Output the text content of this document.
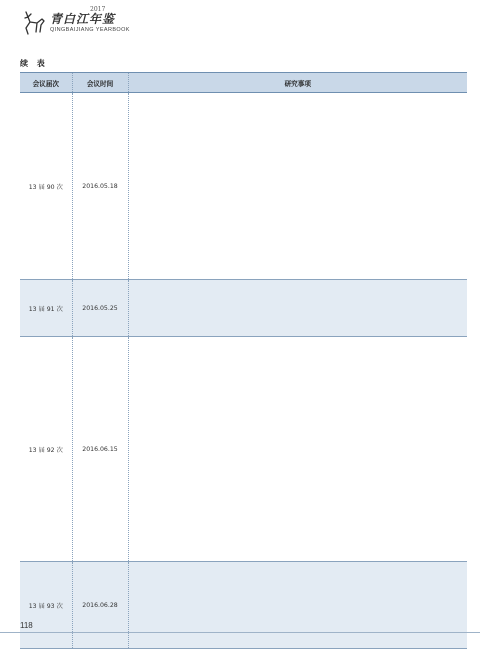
青白江年鉴
2017
QINGBAIJIANG YEARBOOK
续 表
会议届次	会议时间	研究事项
13 届 90 次	2016.05.18	
13 届 91 次	2016.05.25	
13 届 92 次	2016.06.15	
13 届 93 次	2016.06.28	
118
